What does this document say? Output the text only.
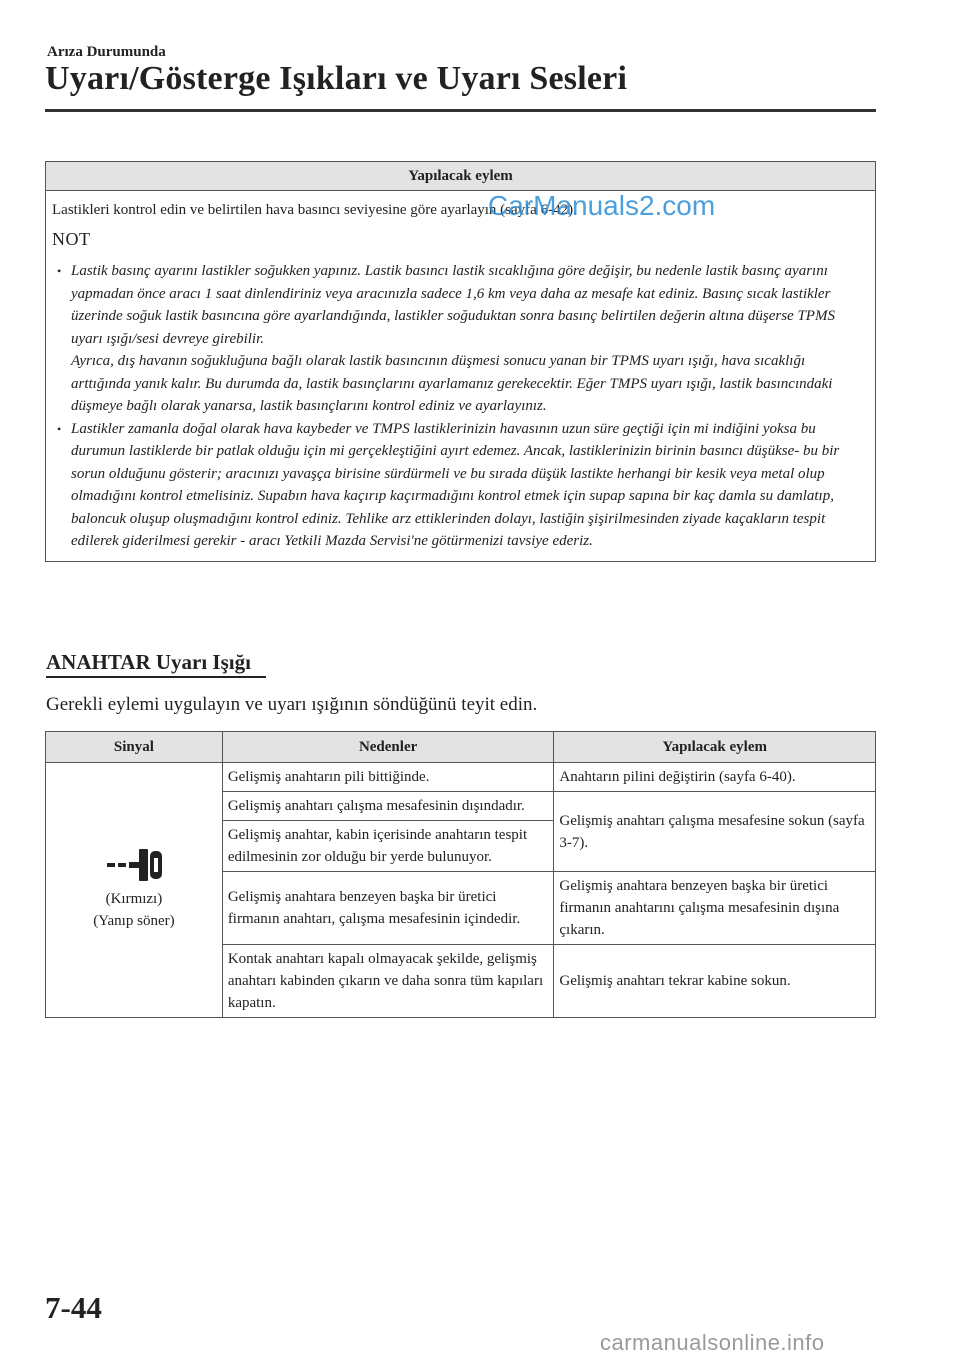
Arıza Durumunda
Uyarı/Gösterge Işıkları ve Uyarı Sesleri
Yapılacak eylem
Lastikleri kontrol edin ve belirtilen hava basıncı seviyesine göre ayarlayın (sayfa 6-42).
NOT
• Lastik basınç ayarını lastikler soğukken yapınız. Lastik basıncı lastik sıcaklığına göre değişir, bu nedenle lastik basınç ayarını yapmadan önce aracı 1 saat dinlendiriniz veya aracınızla sadece 1,6 km veya daha az mesafe kat ediniz. Basınç sıcak lastikler üzerinde soğuk lastik basıncına göre ayarlandığında, lastikler soğuduktan sonra basınç belirtilen değerin altına düşerse TPMS uyarı ışığı/sesi devreye girebilir.
Ayrıca, dış havanın soğukluğuna bağlı olarak lastik basıncının düşmesi sonucu yanan bir TPMS uyarı ışığı, hava sıcaklığı arttığında yanık kalır. Bu durumda da, lastik basınçlarını ayarlamanız gerekecektir. Eğer TMPS uyarı ışığı, lastik basıncındaki düşmeye bağlı olarak yanarsa, lastik basınçlarını kontrol ediniz ve ayarlayınız.
• Lastikler zamanla doğal olarak hava kaybeder ve TMPS lastiklerinizin havasının uzun süre geçtiği için mi indiğini yoksa bu durumun lastiklerde bir patlak olduğu için mi gerçekleştiğini ayırt edemez. Ancak, lastiklerinizin birinin basıncı düşükse- bu bir sorun olduğunu gösterir; aracınızı yavaşça birisine sürdürmeli ve bu sırada düşük lastikte herhangi bir kesik veya metal olup olmadığını kontrol etmelisiniz. Supabın hava kaçırıp kaçırmadığını kontrol etmek için supap sapına bir kaç damla su damlatıp, baloncuk oluşup oluşmadığını kontrol ediniz. Tehlike arz ettiklerinden dolayı, lastiğin şişirilmesinden ziyade kaçakların tespit edilerek giderilmesi gerekir - aracı Yetkili Mazda Servisi'ne götürmenizi tavsiye ederiz.
CarManuals2.com
ANAHTAR Uyarı Işığı
Gerekli eylemi uygulayın ve uyarı ışığının söndüğünü teyit edin.
Sinyal	Nedenler	Yapılacak eylem

(Kırmızı)
(Yanıp söner)	Gelişmiş anahtarın pili bittiğinde.	Anahtarın pilini değiştirin (sayfa 6-40).
	Gelişmiş anahtarı çalışma mesafesinin dışındadır.	Gelişmiş anahtarı çalışma mesafesine sokun (sayfa 3-7).
	Gelişmiş anahtar, kabin içerisinde anahtarın tespit edilmesinin zor olduğu bir yerde bulunuyor.	
	Gelişmiş anahtara benzeyen başka bir üretici firmanın anahtarı, çalışma mesafesinin içindedir.	Gelişmiş anahtara benzeyen başka bir üretici firmanın anahtarını çalışma mesafesinin dışına çıkarın.
	Kontak anahtarı kapalı olmayacak şekilde, gelişmiş anahtarı kabinden çıkarın ve daha sonra tüm kapıları kapatın.	Gelişmiş anahtarı tekrar kabine sokun.
7-44
carmanualsonline.info
